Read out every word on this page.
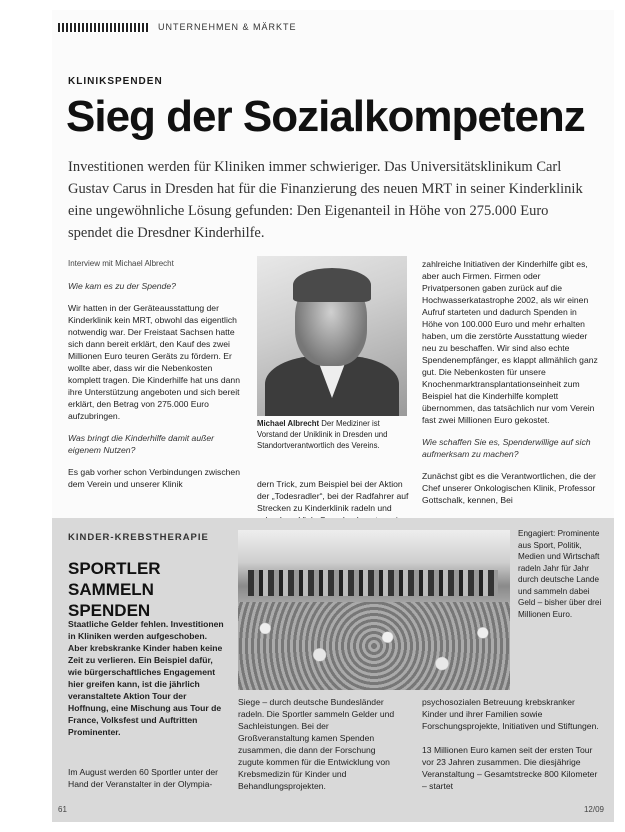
UNTERNEHMEN & MÄRKTE
KLINIKSPENDEN
Sieg der Sozialkompetenz

Investitionen werden für Kliniken immer schwieriger. Das Universitätsklinikum Carl Gustav Carus in Dresden hat für die Finanzierung des neuen MRT in seiner Kinderklinik eine ungewöhnliche Lösung gefunden: Den Eigenanteil in Höhe von 275.000 Euro spendet die Dresdner Kinderhilfe.

Interview mit Michael Albrecht

Wie kam es zu der Spende?

Wir hatten in der Geräteausstattung der Kinderklinik kein MRT, obwohl das eigentlich notwendig war. Der Freistaat Sachsen hatte sich dann bereit erklärt, den Kauf des zwei Millionen Euro teuren Geräts zu fördern. Er wollte aber, dass wir die Nebenkosten komplett tragen. Die Kinderhilfe hat uns dann ihre Unterstützung angeboten und sich bereit erklärt, den Betrag von 275.000 Euro aufzubringen.

Was bringt die Kinderhilfe damit außer eigenem Nutzen?

Es gab vorher schon Verbindungen zwischen dem Verein und unserer Klinik

Michael Albrecht Der Mediziner ist Vorstand der Uniklinik in Dresden und Standortverantwortlich des Vereins.

dern Trick, zum Beispiel bei der Aktion der „Todesradler“, bei der Radfahrer auf Strecken zu Kinderklinik radeln und

zahlreiche Initiativen der Kinderhilfe gibt es, aber auch Firmen. Firmen oder Privatpersonen gaben zurück auf die Hochwasserkatastrophe 2002, als wir einen Aufruf starteten und dadurch Spenden in Höhe von 100.000 Euro und mehr erhalten haben, um die zerstörte Ausstattung wieder neu zu beschaffen. Wir sind also echte Spendenempfänger, es klappt allmählich ganz gut. Die Nebenkosten für unsere Knochenmarktransplantationseinheit zum Beispiel hat die Kinderhilfe komplett übernommen, das tatsächlich nur vom Verein fast zwei Millionen Euro gekostet.

Wie schaffen Sie es, Spenderwillige auf sich aufmerksam zu machen?

Zunächst gibt es die Verantwortlichen, die der Chef unserer Onkologischen Klinik, Professor Gottschalk, kennen, Bei

KINDER-KREBSTHERAPIE
SPORTLER SAMMELN SPENDEN
Staatliche Gelder fehlen. Investitionen in Kliniken werden aufgeschoben. Aber krebskranke Kinder haben keine Zeit zu verlieren. Ein Beispiel dafür, wie bürgerschaftliches Engagement hier greifen kann, ist die jährlich veranstaltete Aktion Tour der Hoffnung, eine Mischung aus Tour de France, Volksfest und Auftritten Prominenter.
Im August werden 60 Sportler unter der Hand der Veranstalter in der Olympia-
Engagiert: Prominente aus Sport, Politik, Medien und Wirtschaft radeln Jahr für Jahr durch deutsche Lande und sammeln dabei Geld – bisher über drei Millionen Euro.
Siege – durch deutsche Bundesländer radeln. Die Sportler sammeln Gelder und Sachleistungen. Bei der Großveranstaltung kamen Spenden zusammen, die dann der Forschung zugute kommen für die Entwicklung von Krebsmedizin für Kinder und Behandlungsprojekten.
psychosozialen Betreuung krebskranker Kinder und ihrer Familien sowie Forschungsprojekte, Initiativen und Stiftungen.
13 Millionen Euro kamen seit der ersten Tour vor 23 Jahren zusammen. Die diesjährige Veranstaltung – Gesamtstrecke 800 Kilometer – startet
61	12/09
